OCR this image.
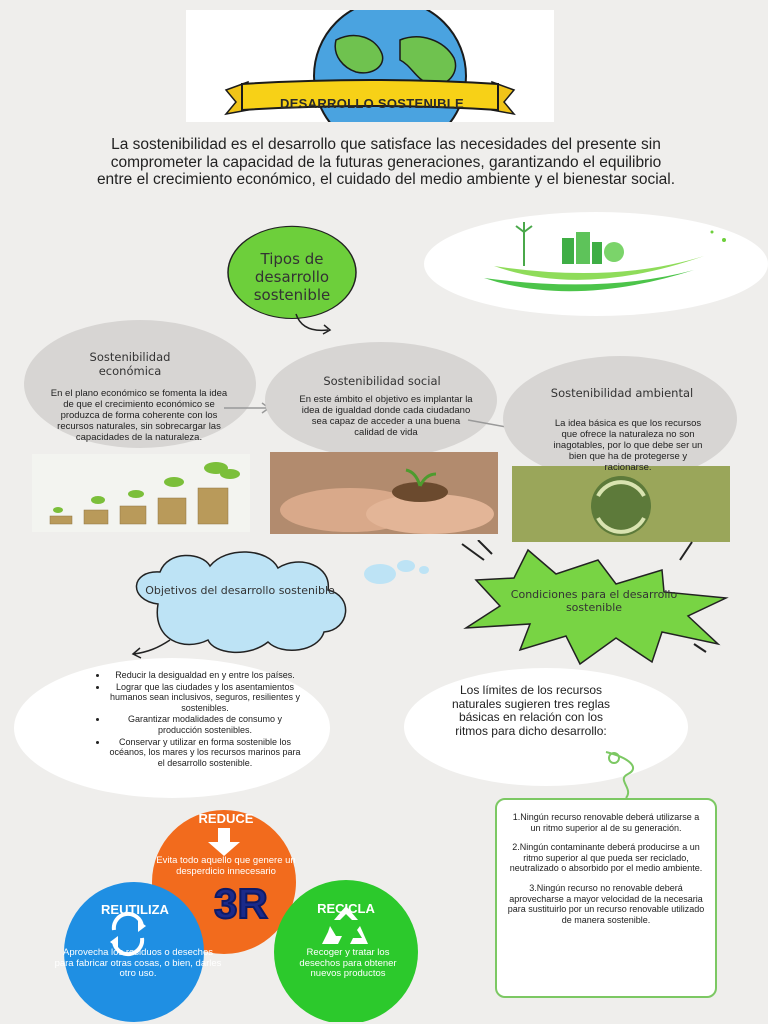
DESARROLLO SOSTENIBLE
La sostenibilidad es el desarrollo que satisface las necesidades del presente sin comprometer la capacidad de la futuras generaciones, garantizando el equilibrio entre el crecimiento económico, el cuidado del medio ambiente y el bienestar social.
Tipos de desarrollo sostenible
Sostenibilidad económica
En el plano económico se fomenta la idea de que el crecimiento económico se produzca de forma coherente con los recursos naturales, sin sobrecargar las capacidades de la naturaleza.
Sostenibilidad social
En este ámbito el objetivo es implantar la idea de igualdad donde cada ciudadano sea capaz de acceder a una buena calidad de vida
Sostenibilidad ambiental
La idea básica es que los recursos que ofrece la naturaleza no son inagotables, por lo que debe ser un bien que ha de protegerse y racionarse.
Objetivos del desarrollo sostenible
• Reducir la desigualdad en y entre los países.
• Lograr que las ciudades y los asentamientos humanos sean inclusivos, seguros, resilientes y sostenibles.
• Garantizar modalidades de consumo y producción sostenibles.
• Conservar y utilizar en forma sostenible los océanos, los mares y los recursos marinos para el desarrollo sostenible.
Condiciones para el desarrollo sostenible
Los límites de los recursos naturales sugieren tres reglas básicas en relación con los ritmos para dicho desarrollo:

1.Ningún recurso renovable deberá utilizarse a un ritmo superior al de su generación.

2.Ningún contaminante deberá producirse a un ritmo superior al que pueda ser reciclado, neutralizado o absorbido por el medio ambiente.

3.Ningún recurso no renovable deberá aprovecharse a mayor velocidad de la necesaria para sustituirlo por un recurso renovable utilizado de manera sostenible.

3R
REDUCE
Evita todo aquello que genere un desperdicio innecesario
REUTILIZA
Aprovecha los residuos o desechos para fabricar otras cosas, o bien, darles otro uso.
RECICLA
Recoger y tratar los desechos para obtener nuevos productos
